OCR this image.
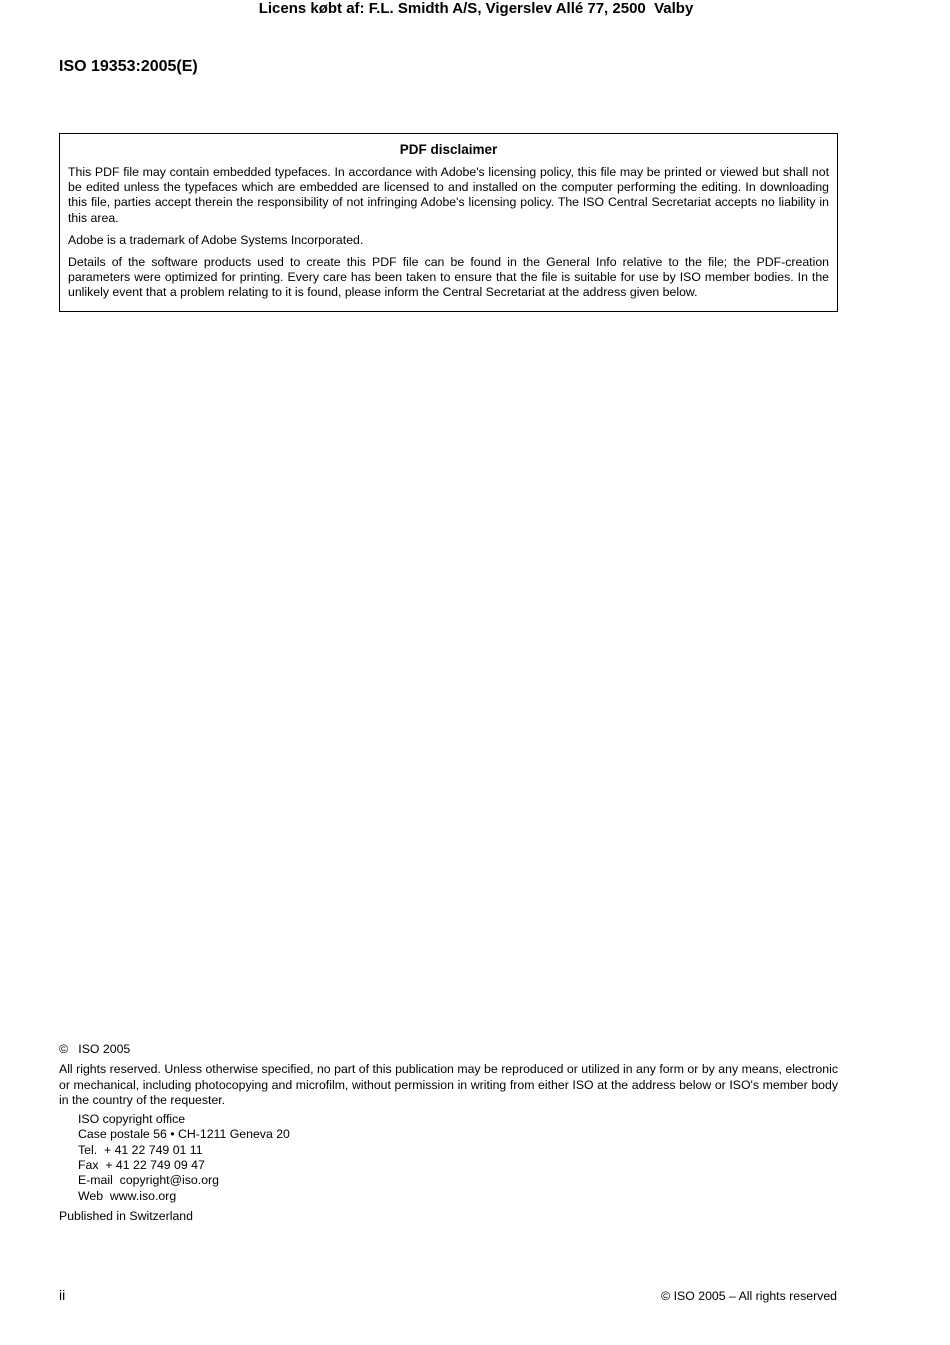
Licens købt af: F.L. Smidth A/S, Vigerslev Allé 77, 2500  Valby
ISO 19353:2005(E)
PDF disclaimer

This PDF file may contain embedded typefaces. In accordance with Adobe's licensing policy, this file may be printed or viewed but shall not be edited unless the typefaces which are embedded are licensed to and installed on the computer performing the editing. In downloading this file, parties accept therein the responsibility of not infringing Adobe's licensing policy. The ISO Central Secretariat accepts no liability in this area.

Adobe is a trademark of Adobe Systems Incorporated.

Details of the software products used to create this PDF file can be found in the General Info relative to the file; the PDF-creation parameters were optimized for printing. Every care has been taken to ensure that the file is suitable for use by ISO member bodies. In the unlikely event that a problem relating to it is found, please inform the Central Secretariat at the address given below.

©   ISO 2005
All rights reserved. Unless otherwise specified, no part of this publication may be reproduced or utilized in any form or by any means, electronic or mechanical, including photocopying and microfilm, without permission in writing from either ISO at the address below or ISO's member body in the country of the requester.
ISO copyright office
Case postale 56 • CH-1211 Geneva 20
Tel.  + 41 22 749 01 11
Fax  + 41 22 749 09 47
E-mail  copyright@iso.org
Web  www.iso.org
Published in Switzerland
ii	© ISO 2005 – All rights reserved
